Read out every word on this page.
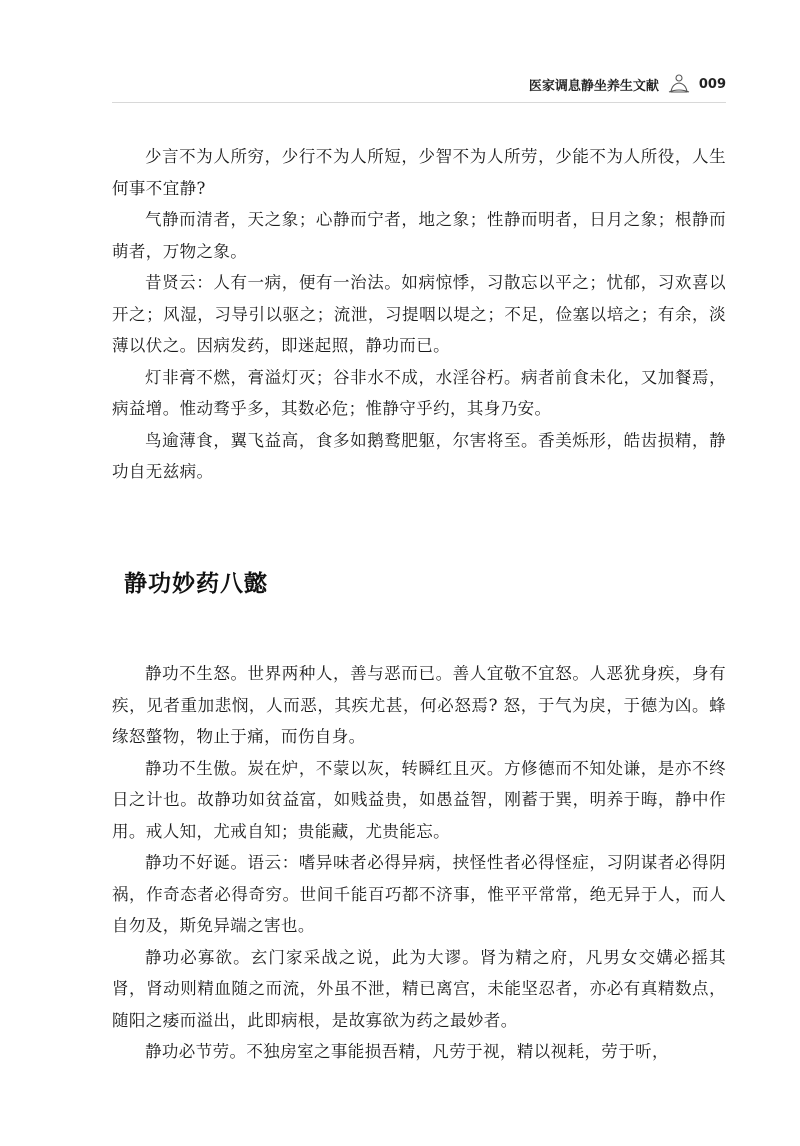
医家调息静坐养生文献	009

少言不为人所穷，少行不为人所短，少智不为人所劳，少能不为人所役，人生何事不宜静?

气静而清者，天之象；心静而宁者，地之象；性静而明者，日月之象；根静而萌者，万物之象。

昔贤云：人有一病，便有一治法。如病惊悸，习散忘以平之；忧郁，习欢喜以开之；风湿，习导引以驱之；流泄，习提咽以堤之；不足，俭塞以培之；有余，淡薄以伏之。因病发药，即迷起照，静功而已。

灯非膏不燃，膏溢灯灭；谷非水不成，水淫谷朽。病者前食未化，又加餐焉，病益增。惟动骛乎多，其数必危；惟静守乎约，其身乃安。

鸟逾薄食，翼飞益高，食多如鹅鹜肥躯，尔害将至。香美烁形，皓齿损精，静功自无兹病。

静功妙药八懿

静功不生怒。世界两种人，善与恶而已。善人宜敬不宜怒。人恶犹身疾，身有疾，见者重加悲悯，人而恶，其疾尤甚，何必怒焉? 怒，于气为戾，于德为凶。蜂缘怒螫物，物止于痛，而伤自身。

静功不生傲。炭在炉，不蒙以灰，转瞬红且灭。方修德而不知处谦，是亦不终日之计也。故静功如贫益富，如贱益贵，如愚益智，刚蓄于巽，明养于晦，静中作用。戒人知，尤戒自知；贵能藏，尤贵能忘。

静功不好诞。语云：嗜异味者必得异病，挟怪性者必得怪症，习阴谋者必得阴祸，作奇态者必得奇穷。世间千能百巧都不济事，惟平平常常，绝无异于人，而人自勿及，斯免异端之害也。

静功必寡欲。玄门家采战之说，此为大谬。肾为精之府，凡男女交媾必摇其肾，肾动则精血随之而流，外虽不泄，精已离宫，未能坚忍者，亦必有真精数点，随阳之痿而溢出，此即病根，是故寡欲为药之最妙者。

静功必节劳。不独房室之事能损吾精，凡劳于视，精以视耗，劳于听，
